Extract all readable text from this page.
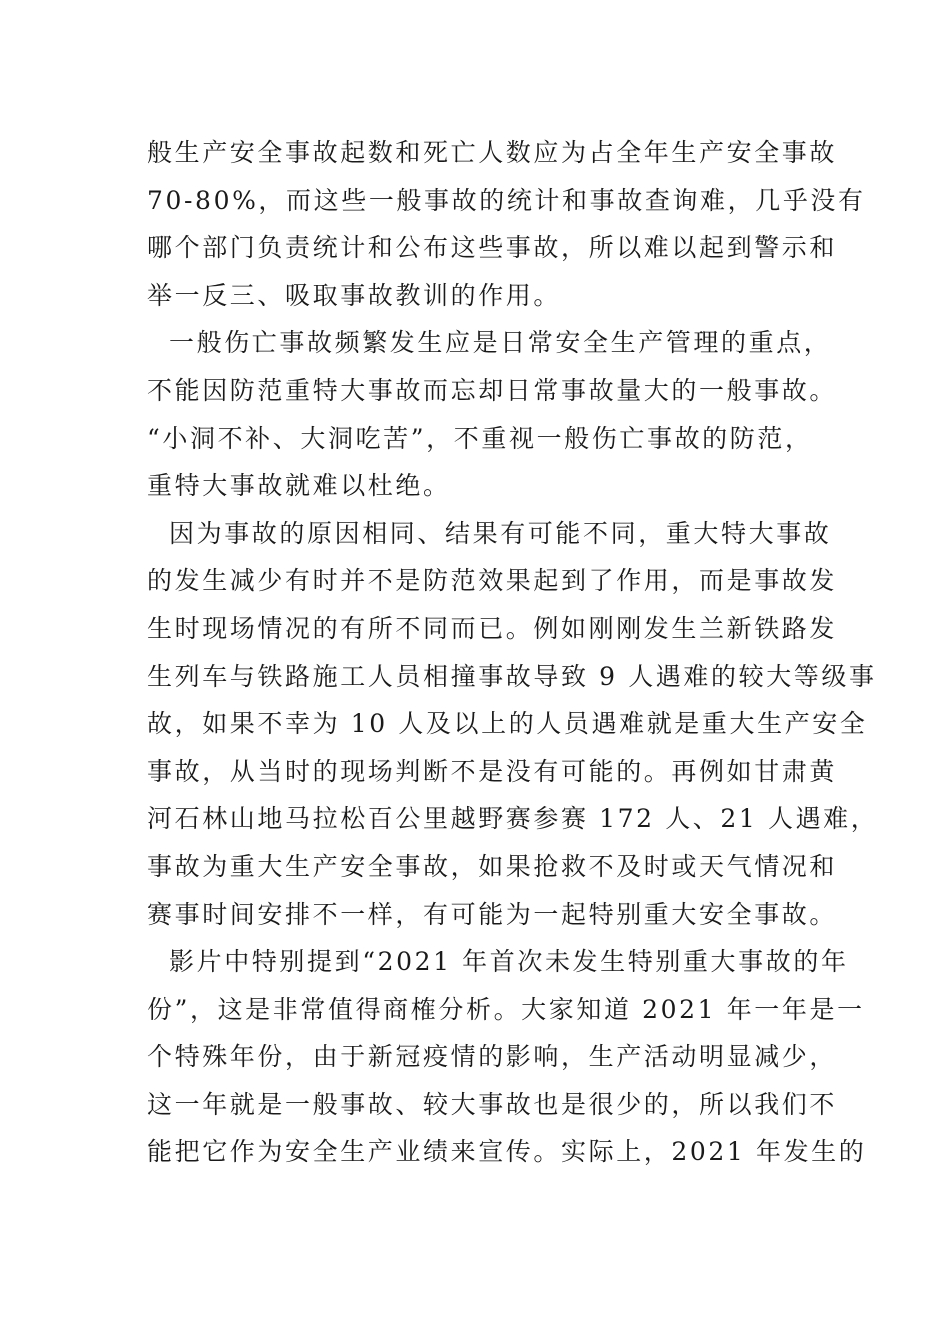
般生产安全事故起数和死亡人数应为占全年生产安全事故
70-80%，而这些一般事故的统计和事故查询难，几乎没有
哪个部门负责统计和公布这些事故，所以难以起到警示和
举一反三、吸取事故教训的作用。

一般伤亡事故频繁发生应是日常安全生产管理的重点，
不能因防范重特大事故而忘却日常事故量大的一般事故。
“小洞不补、大洞吃苦”，不重视一般伤亡事故的防范，
重特大事故就难以杜绝。

因为事故的原因相同、结果有可能不同，重大特大事故
的发生减少有时并不是防范效果起到了作用，而是事故发
生时现场情况的有所不同而已。例如刚刚发生兰新铁路发
生列车与铁路施工人员相撞事故导致 9 人遇难的较大等级事
故，如果不幸为 10 人及以上的人员遇难就是重大生产安全
事故，从当时的现场判断不是没有可能的。再例如甘肃黄
河石林山地马拉松百公里越野赛参赛 172 人、21 人遇难，
事故为重大生产安全事故，如果抢救不及时或天气情况和
赛事时间安排不一样，有可能为一起特别重大安全事故。

影片中特别提到“2021 年首次未发生特别重大事故的年
份”，这是非常值得商榷分析。大家知道 2021 年一年是一
个特殊年份，由于新冠疫情的影响，生产活动明显减少，
这一年就是一般事故、较大事故也是很少的，所以我们不
能把它作为安全生产业绩来宣传。实际上，2021 年发生的
